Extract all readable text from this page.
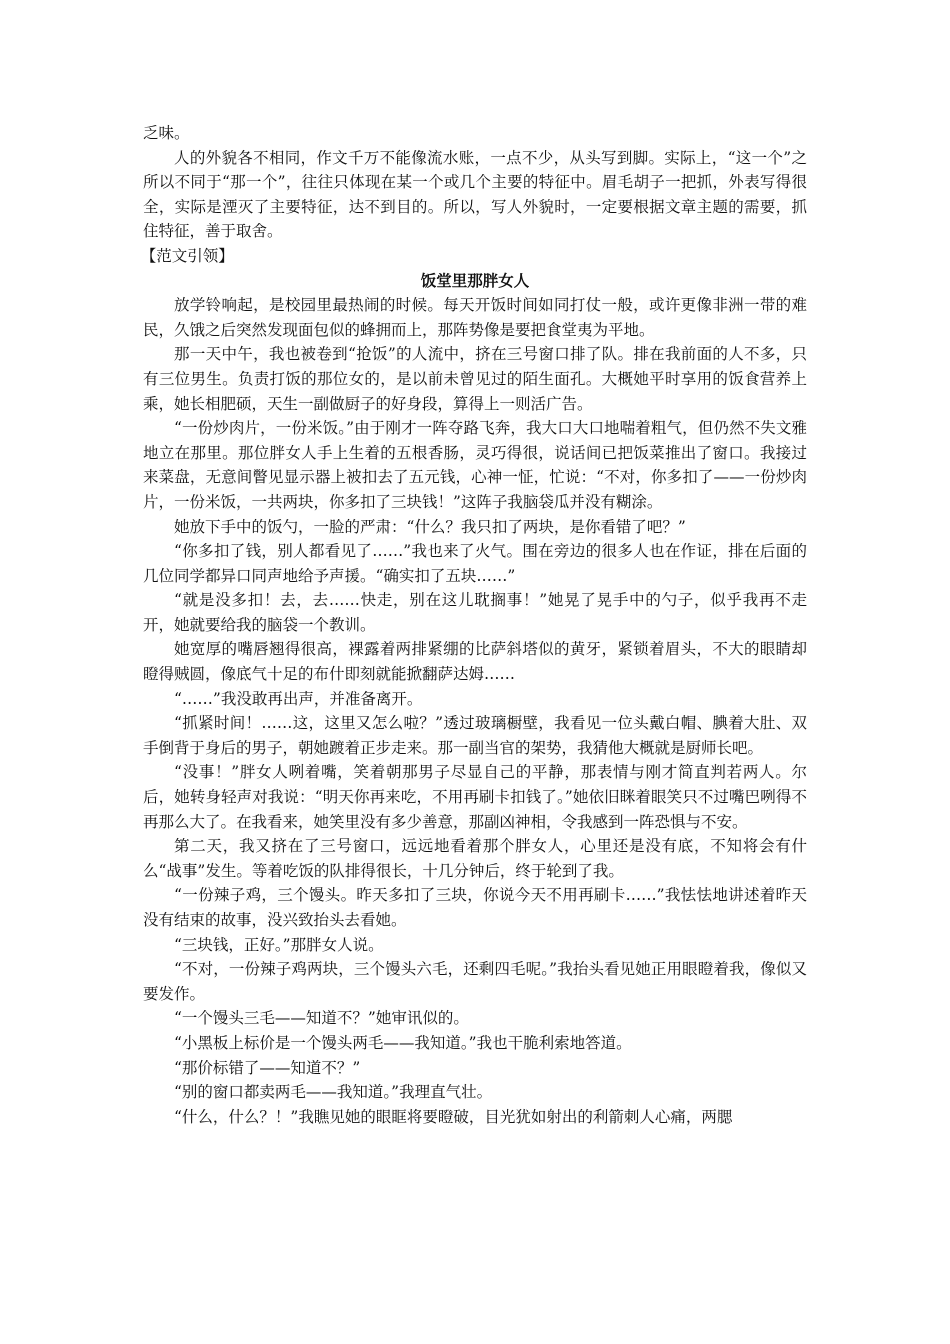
乏味。

人的外貌各不相同，作文千万不能像流水账，一点不少，从头写到脚。实际上，“这一个”之所以不同于“那一个”，往往只体现在某一个或几个主要的特征中。眉毛胡子一把抓，外表写得很全，实际是湮灭了主要特征，达不到目的。所以，写人外貌时，一定要根据文章主题的需要，抓住特征，善于取舍。

【范文引领】

饭堂里那胖女人

放学铃响起，是校园里最热闹的时候。每天开饭时间如同打仗一般，或许更像非洲一带的难民，久饿之后突然发现面包似的蜂拥而上，那阵势像是要把食堂夷为平地。

那一天中午，我也被卷到“抢饭”的人流中，挤在三号窗口排了队。排在我前面的人不多，只有三位男生。负责打饭的那位女的，是以前未曾见过的陌生面孔。大概她平时享用的饭食营养上乘，她长相肥硕，天生一副做厨子的好身段，算得上一则活广告。

“一份炒肉片，一份米饭。”由于刚才一阵夺路飞奔，我大口大口地喘着粗气，但仍然不失文雅地立在那里。那位胖女人手上生着的五根香肠，灵巧得很，说话间已把饭菜推出了窗口。我接过来菜盘，无意间瞥见显示器上被扣去了五元钱，心神一怔，忙说：“不对，你多扣了——一份炒肉片，一份米饭，一共两块，你多扣了三块钱！”这阵子我脑袋瓜并没有糊涂。

她放下手中的饭勺，一脸的严肃：“什么？我只扣了两块，是你看错了吧？”

“你多扣了钱，别人都看见了……”我也来了火气。围在旁边的很多人也在作证，排在后面的几位同学都异口同声地给予声援。“确实扣了五块……”

“就是没多扣！去，去……快走，别在这儿耽搁事！”她晃了晃手中的勺子，似乎我再不走开，她就要给我的脑袋一个教训。

她宽厚的嘴唇翘得很高，裸露着两排紧绷的比萨斜塔似的黄牙，紧锁着眉头，不大的眼睛却瞪得贼圆，像底气十足的布什即刻就能掀翻萨达姆……

“……”我没敢再出声，并准备离开。

“抓紧时间！……这，这里又怎么啦？”透过玻璃橱壁，我看见一位头戴白帽、腆着大肚、双手倒背于身后的男子，朝她踱着正步走来。那一副当官的架势，我猜他大概就是厨师长吧。

“没事！”胖女人咧着嘴，笑着朝那男子尽显自己的平静，那表情与刚才简直判若两人。尔后，她转身轻声对我说：“明天你再来吃，不用再刷卡扣钱了。”她依旧眯着眼笑只不过嘴巴咧得不再那么大了。在我看来，她笑里没有多少善意，那副凶神相，令我感到一阵恐惧与不安。

第二天，我又挤在了三号窗口，远远地看着那个胖女人，心里还是没有底，不知将会有什么“战事”发生。等着吃饭的队排得很长，十几分钟后，终于轮到了我。

“一份辣子鸡，三个馒头。昨天多扣了三块，你说今天不用再刷卡……”我怯怯地讲述着昨天没有结束的故事，没兴致抬头去看她。

“三块钱，正好。”那胖女人说。

“不对，一份辣子鸡两块，三个馒头六毛，还剩四毛呢。”我抬头看见她正用眼瞪着我，像似又要发作。

“一个馒头三毛——知道不？”她审讯似的。

“小黑板上标价是一个馒头两毛——我知道。”我也干脆利索地答道。

“那价标错了——知道不？”

“别的窗口都卖两毛——我知道。”我理直气壮。

“什么，什么？！”我瞧见她的眼眶将要瞪破，目光犹如射出的利箭刺人心痛，两腮
